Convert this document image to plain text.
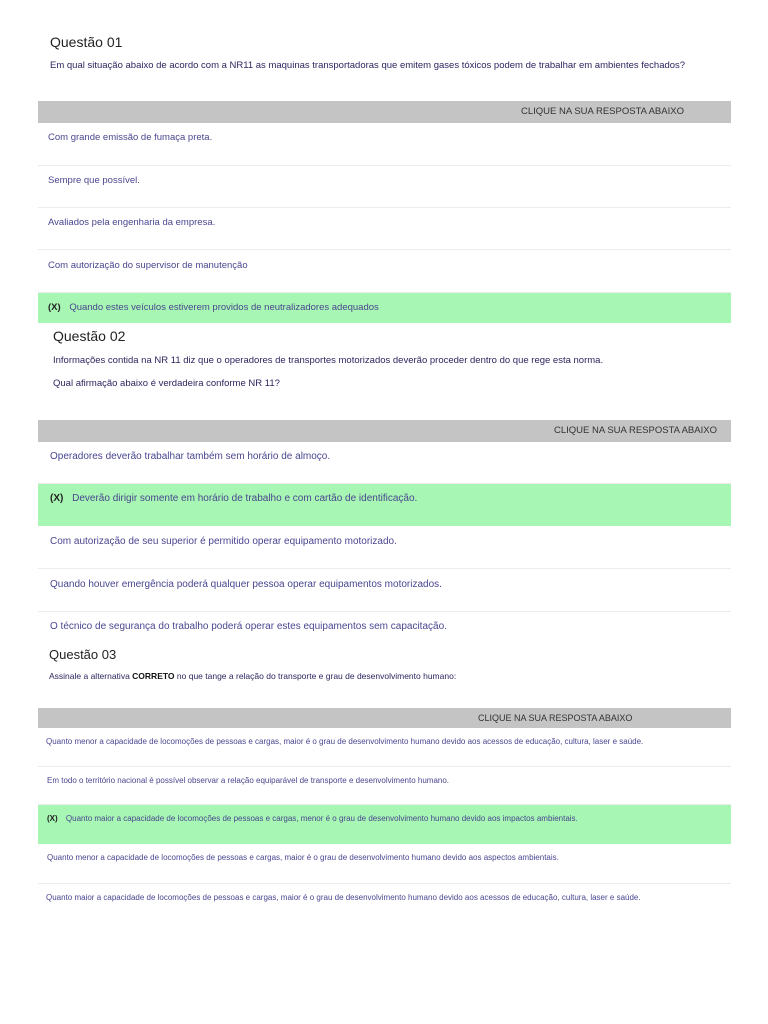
Questão 01
Em qual situação abaixo de acordo com a NR11 as maquinas transportadoras que emitem gases tóxicos podem de trabalhar em ambientes fechados?
CLIQUE NA SUA RESPOSTA ABAIXO
Com grande emissão de fumaça preta.
Sempre que possível.
Avaliados pela engenharia da empresa.
Com autorização do supervisor de manutenção
(X) Quando estes veículos estiverem providos de neutralizadores adequados
Questão 02
Informações contida na NR 11 diz que o operadores de transportes motorizados deverão proceder dentro do que rege esta norma.
Qual afirmação abaixo é verdadeira conforme NR 11?
CLIQUE NA SUA RESPOSTA ABAIXO
Operadores deverão trabalhar também sem horário de almoço.
(X) Deverão dirigir somente em horário de trabalho e com cartão de identificação.
Com autorização de seu superior é permitido operar equipamento motorizado.
Quando houver emergência poderá qualquer pessoa operar equipamentos motorizados.
O técnico de segurança do trabalho poderá operar estes equipamentos sem capacitação.
Questão 03
Assinale a alternativa CORRETO no que tange a relação do transporte e grau de desenvolvimento humano:
CLIQUE NA SUA RESPOSTA ABAIXO
Quanto menor a capacidade de locomoções de pessoas e cargas, maior é o grau de desenvolvimento humano devido aos acessos de educação, cultura, laser e saúde.
Em todo o território nacional é possível observar a relação equiparável de transporte e desenvolvimento humano.
(X) Quanto maior a capacidade de locomoções de pessoas e cargas, menor é o grau de desenvolvimento humano devido aos impactos ambientais.
Quanto menor a capacidade de locomoções de pessoas e cargas, maior é o grau de desenvolvimento humano devido aos aspectos ambientais.
Quanto maior a capacidade de locomoções de pessoas e cargas, maior é o grau de desenvolvimento humano devido aos acessos de educação, cultura, laser e saúde.
